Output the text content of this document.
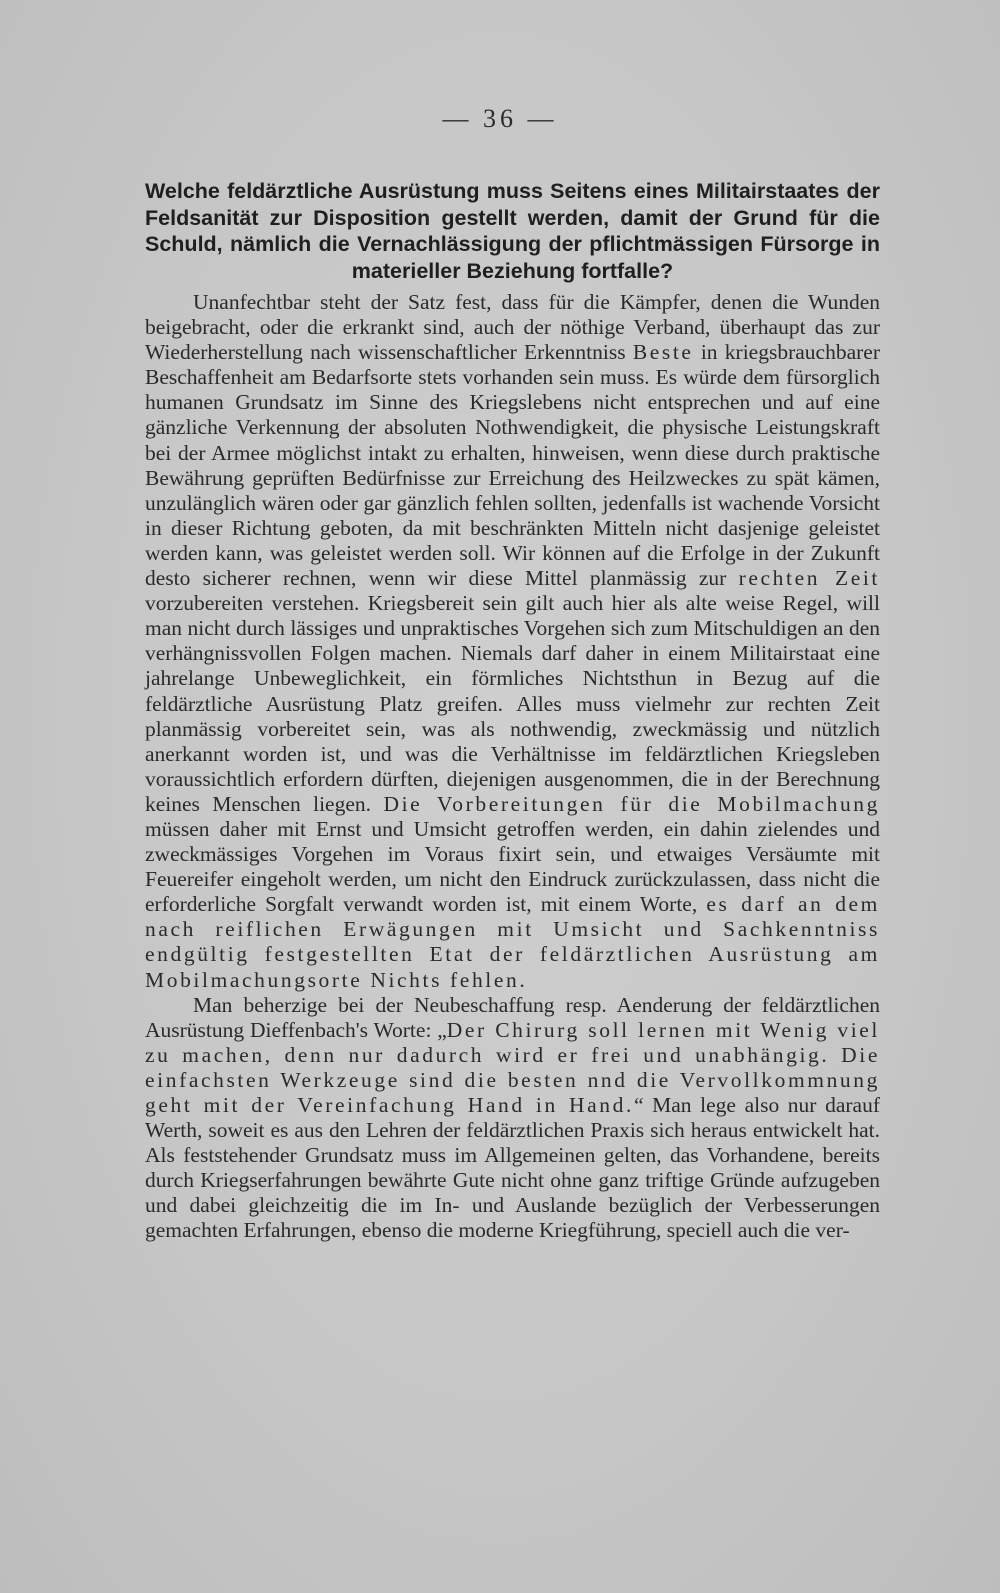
— 36 —
Welche feldärztliche Ausrüstung muss Seitens eines Militairstaates der Feldsanität zur Disposition gestellt werden, damit der Grund für die Schuld, nämlich die Vernachlässigung der pflichtmässigen Fürsorge in materieller Beziehung fortfalle?

Unanfechtbar steht der Satz fest, dass für die Kämpfer, denen die Wunden beigebracht, oder die erkrankt sind, auch der nöthige Verband, überhaupt das zur Wiederherstellung nach wissenschaftlicher Erkenntniss Beste in kriegsbrauchbarer Beschaffenheit am Bedarfsorte stets vorhanden sein muss. Es würde dem fürsorglich humanen Grundsatz im Sinne des Kriegslebens nicht entsprechen und auf eine gänzliche Verkennung der absoluten Nothwendigkeit, die physische Leistungskraft bei der Armee möglichst intakt zu erhalten, hinweisen, wenn diese durch praktische Bewährung geprüften Bedürfnisse zur Erreichung des Heilzweckes zu spät kämen, unzulänglich wären oder gar gänzlich fehlen sollten, jedenfalls ist wachende Vorsicht in dieser Richtung geboten, da mit beschränkten Mitteln nicht dasjenige geleistet werden kann, was geleistet werden soll. Wir können auf die Erfolge in der Zukunft desto sicherer rechnen, wenn wir diese Mittel planmässig zur rechten Zeit vorzubereiten verstehen. Kriegsbereit sein gilt auch hier als alte weise Regel, will man nicht durch lässiges und unpraktisches Vorgehen sich zum Mitschuldigen an den verhängnissvollen Folgen machen. Niemals darf daher in einem Militairstaat eine jahrelange Unbeweglichkeit, ein förmliches Nichtsthun in Bezug auf die feldärztliche Ausrüstung Platz greifen. Alles muss vielmehr zur rechten Zeit planmässig vorbereitet sein, was als nothwendig, zweckmässig und nützlich anerkannt worden ist, und was die Verhältnisse im feldärztlichen Kriegsleben voraussichtlich erfordern dürften, diejenigen ausgenommen, die in der Berechnung keines Menschen liegen. Die Vorbereitungen für die Mobilmachung müssen daher mit Ernst und Umsicht getroffen werden, ein dahin zielendes und zweckmässiges Vorgehen im Voraus fixirt sein, und etwaiges Versäumte mit Feuereifer eingeholt werden, um nicht den Eindruck zurückzulassen, dass nicht die erforderliche Sorgfalt verwandt worden ist, mit einem Worte, es darf an dem nach reiflichen Erwägungen mit Umsicht und Sachkenntniss endgültig festgestellten Etat der feldärztlichen Ausrüstung am Mobilmachungsorte Nichts fehlen.

Man beherzige bei der Neubeschaffung resp. Aenderung der feldärztlichen Ausrüstung Dieffenbach's Worte: „Der Chirurg soll lernen mit Wenig viel zu machen, denn nur dadurch wird er frei und unabhängig. Die einfachsten Werkzeuge sind die besten nnd die Vervollkommnung geht mit der Vereinfachung Hand in Hand.“ Man lege also nur darauf Werth, soweit es aus den Lehren der feldärztlichen Praxis sich heraus entwickelt hat. Als feststehender Grundsatz muss im Allgemeinen gelten, das Vorhandene, bereits durch Kriegserfahrungen bewährte Gute nicht ohne ganz triftige Gründe aufzugeben und dabei gleichzeitig die im In- und Auslande bezüglich der Verbesserungen gemachten Erfahrungen, ebenso die moderne Kriegführung, speciell auch die ver-
